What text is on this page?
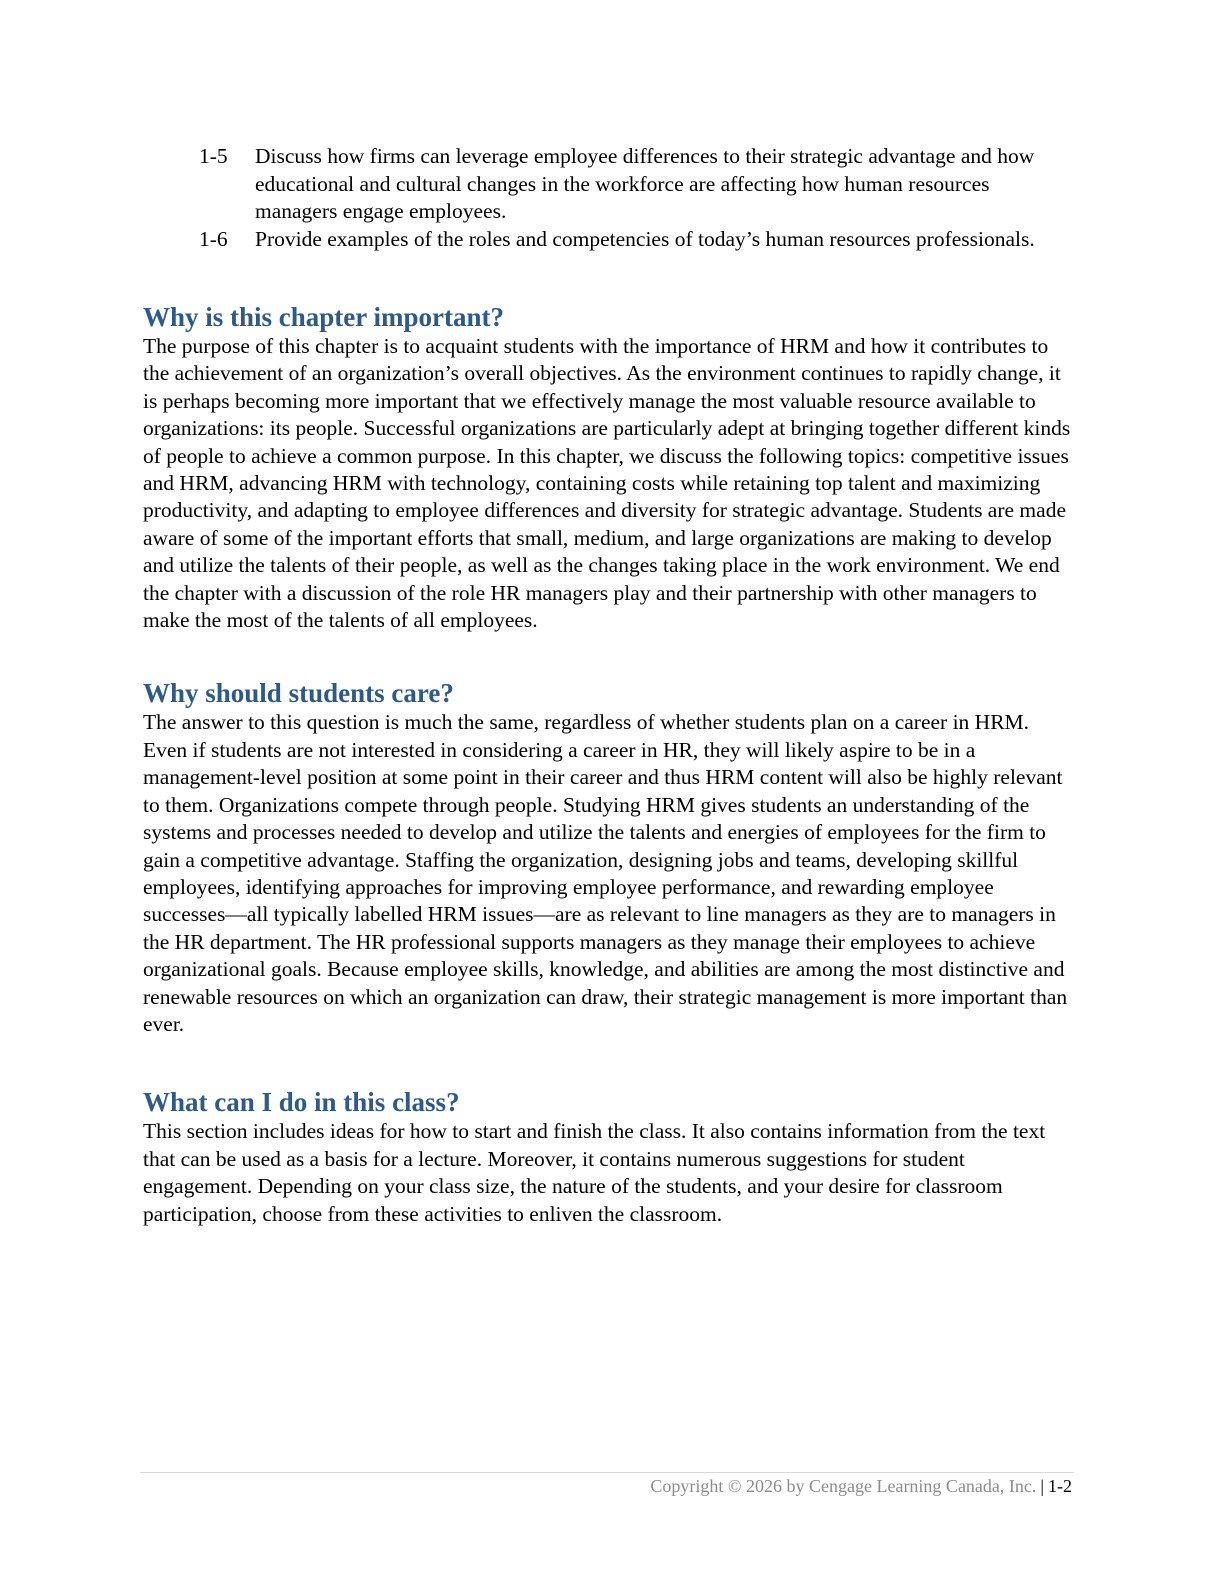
1-5	Discuss how firms can leverage employee differences to their strategic advantage and how educational and cultural changes in the workforce are affecting how human resources managers engage employees.
1-6	Provide examples of the roles and competencies of today’s human resources professionals.
Why is this chapter important?

The purpose of this chapter is to acquaint students with the importance of HRM and how it contributes to the achievement of an organization’s overall objectives. As the environment continues to rapidly change, it is perhaps becoming more important that we effectively manage the most valuable resource available to organizations: its people. Successful organizations are particularly adept at bringing together different kinds of people to achieve a common purpose. In this chapter, we discuss the following topics: competitive issues and HRM, advancing HRM with technology, containing costs while retaining top talent and maximizing productivity, and adapting to employee differences and diversity for strategic advantage. Students are made aware of some of the important efforts that small, medium, and large organizations are making to develop and utilize the talents of their people, as well as the changes taking place in the work environment. We end the chapter with a discussion of the role HR managers play and their partnership with other managers to make the most of the talents of all employees.

Why should students care?

The answer to this question is much the same, regardless of whether students plan on a career in HRM. Even if students are not interested in considering a career in HR, they will likely aspire to be in a management-level position at some point in their career and thus HRM content will also be highly relevant to them. Organizations compete through people. Studying HRM gives students an understanding of the systems and processes needed to develop and utilize the talents and energies of employees for the firm to gain a competitive advantage. Staffing the organization, designing jobs and teams, developing skillful employees, identifying approaches for improving employee performance, and rewarding employee successes—all typically labelled HRM issues—are as relevant to line managers as they are to managers in the HR department. The HR professional supports managers as they manage their employees to achieve organizational goals. Because employee skills, knowledge, and abilities are among the most distinctive and renewable resources on which an organization can draw, their strategic management is more important than ever.

What can I do in this class?

This section includes ideas for how to start and finish the class. It also contains information from the text that can be used as a basis for a lecture. Moreover, it contains numerous suggestions for student engagement. Depending on your class size, the nature of the students, and your desire for classroom participation, choose from these activities to enliven the classroom.

Copyright © 2026 by Cengage Learning Canada, Inc. | 1-2
